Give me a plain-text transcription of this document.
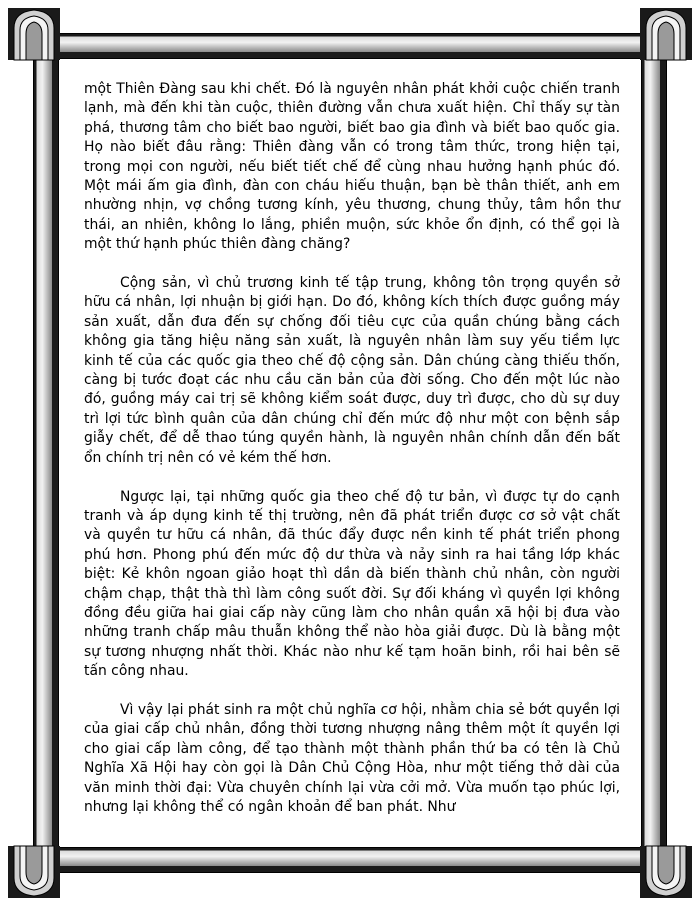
một Thiên Đàng sau khi chết. Đó là nguyên nhân phát khởi cuộc chiến tranh lạnh, mà đến khi tàn cuộc, thiên đường vẫn chưa xuất hiện. Chỉ thấy sự tàn phá, thương tâm cho biết bao người, biết bao gia đình và biết bao quốc gia. Họ nào biết đâu rằng: Thiên đàng vẫn có trong tâm thức, trong hiện tại, trong mọi con người, nếu biết tiết chế để cùng nhau hưởng hạnh phúc đó. Một mái ấm gia đình, đàn con cháu hiếu thuận, bạn bè thân thiết, anh em nhường nhịn, vợ chồng tương kính, yêu thương, chung thủy, tâm hồn thư thái, an nhiên, không lo lắng, phiền muộn, sức khỏe ổn định, có thể gọi là một thứ hạnh phúc thiên đàng chăng?

Cộng sản, vì chủ trương kinh tế tập trung, không tôn trọng quyền sở hữu cá nhân, lợi nhuận bị giới hạn. Do đó, không kích thích được guồng máy sản xuất, dẫn đưa đến sự chống đối tiêu cực của quần chúng bằng cách không gia tăng hiệu năng sản xuất, là nguyên nhân làm suy yếu tiềm lực kinh tế của các quốc gia theo chế độ cộng sản. Dân chúng càng thiếu thốn, càng bị tước đoạt các nhu cầu căn bản của đời sống. Cho đến một lúc nào đó, guồng máy cai trị sẽ không kiểm soát được, duy trì được, cho dù sự duy trì lợi tức bình quân của dân chúng chỉ đến mức độ như một con bệnh sắp giẫy chết, để dễ thao túng quyền hành, là nguyên nhân chính dẫn đến bất ổn chính trị nên có vẻ kém thế hơn.

Ngược lại, tại những quốc gia theo chế độ tư bản, vì được tự do cạnh tranh và áp dụng kinh tế thị trường, nên đã phát triển được cơ sở vật chất và quyền tư hữu cá nhân, đã thúc đẩy được nền kinh tế phát triển phong phú hơn. Phong phú đến mức độ dư thừa và nảy sinh ra hai tầng lớp khác biệt: Kẻ khôn ngoan giảo hoạt thì dần dà biến thành chủ nhân, còn người chậm chạp, thật thà thì làm công suốt đời. Sự đối kháng vì quyền lợi không đồng đều giữa hai giai cấp này cũng làm cho nhân quần xã hội bị đưa vào những tranh chấp mâu thuẫn không thể nào hòa giải được. Dù là bằng một sự tương nhượng nhất thời. Khác nào như kế tạm hoãn binh, rồi hai bên sẽ tấn công nhau.

Vì vậy lại phát sinh ra một chủ nghĩa cơ hội, nhằm chia sẻ bớt quyền lợi của giai cấp chủ nhân, đồng thời tương nhượng nâng thêm một ít quyền lợi cho giai cấp làm công, để tạo thành một thành phần thứ ba có tên là Chủ Nghĩa Xã Hội hay còn gọi là Dân Chủ Cộng Hòa, như một tiếng thở dài của văn minh thời đại: Vừa chuyên chính lại vừa cởi mở. Vừa muốn tạo phúc lợi, nhưng lại không thể có ngân khoản để ban phát. Như
